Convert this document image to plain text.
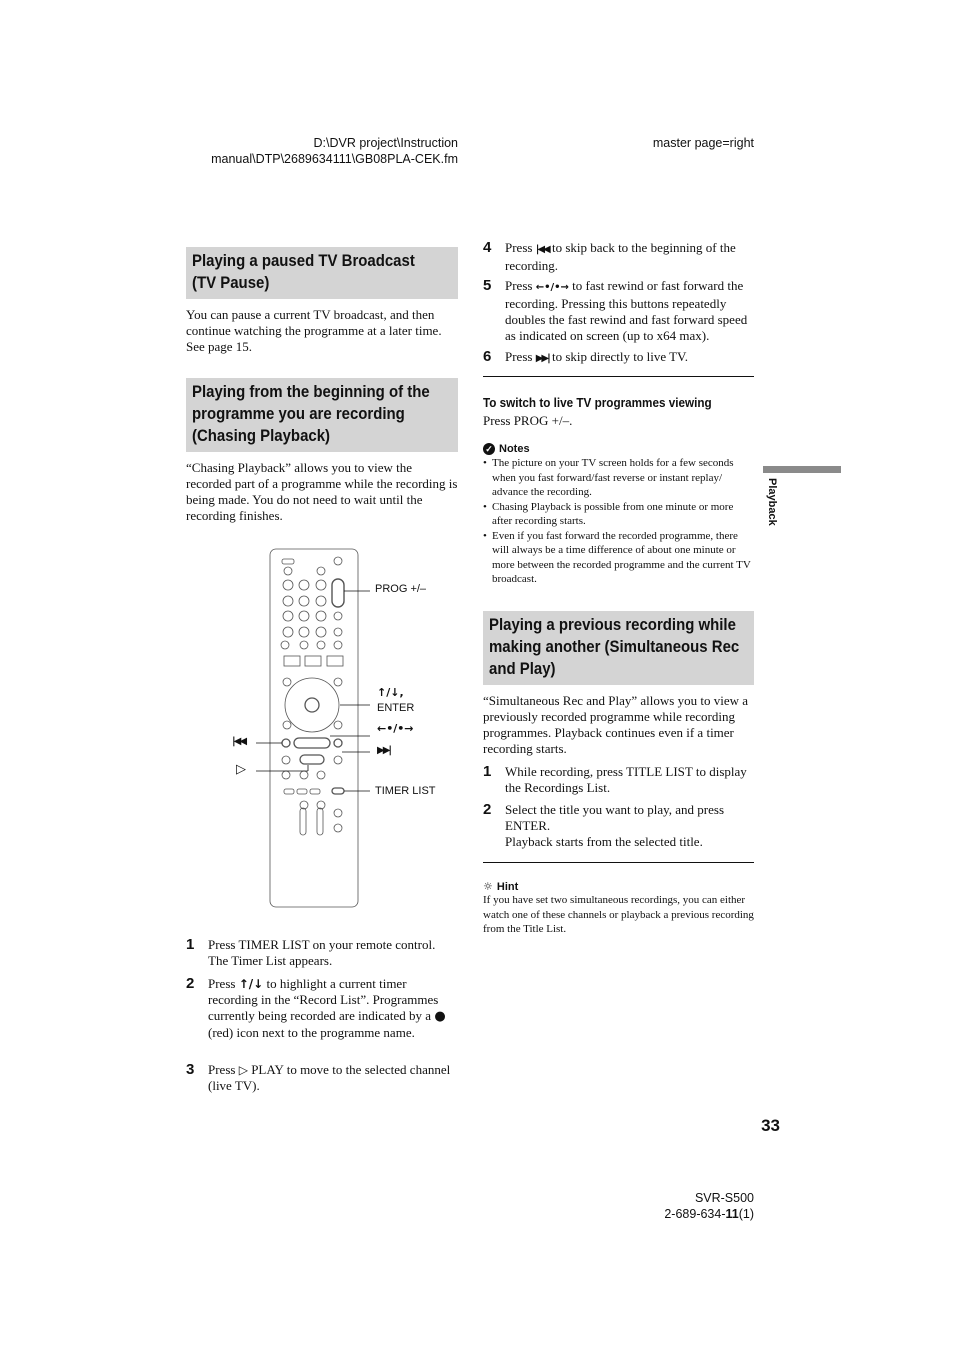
D:\DVR project\Instruction
manual\DTP\2689634111\GB08PLA-CEK.fm
master page=right
Playback
Playing a paused TV Broadcast
(TV Pause)
You can pause a current TV broadcast, and then continue watching the programme at a later time. See page 15.
Playing from the beginning of the
programme you are recording
(Chasing Playback)
“Chasing Playback” allows you to view the recorded part of a programme while the recording is being made. You do not need to wait until the recording finishes.
PROG +/–
↑/↓,
ENTER
←•/•→
▶▶|
TIMER LIST
|◀◀
▷
1	Press TIMER LIST on your remote control. The Timer List appears.
2	Press ↑/↓ to highlight a current timer recording in the “Record List”. Programmes currently being recorded are indicated by a ● (red) icon next to the programme name.
3	Press ▷ PLAY to move to the selected channel (live TV).
4	Press |◀◀ to skip back to the beginning of the recording.
5	Press ←•/•→ to fast rewind or fast forward the recording. Pressing this buttons repeatedly doubles the fast rewind and fast forward speed as indicated on screen (up to x64 max).
6	Press ▶▶| to skip directly to live TV.
To switch to live TV programmes viewing
Press PROG +/–.
✓ Notes
• The picture on your TV screen holds for a few seconds when you fast forward/fast reverse or instant replay/ advance the recording.
• Chasing Playback is possible from one minute or more after recording starts.
• Even if you fast forward the recorded programme, there will always be a time difference of about one minute or more between the recorded programme and the current TV broadcast.
Playing a previous recording while
making another (Simultaneous Rec
and Play)
“Simultaneous Rec and Play” allows you to view a previously recorded programme while recording programmes. Playback continues even if a timer recording starts.
1	While recording, press TITLE LIST to display the Recordings List.
2	Select the title you want to play, and press ENTER.
Playback starts from the selected title.
☼ Hint
If you have set two simultaneous recordings, you can either watch one of these channels or playback a previous recording from the Title List.
33
SVR-S500
2-689-634-11(1)
